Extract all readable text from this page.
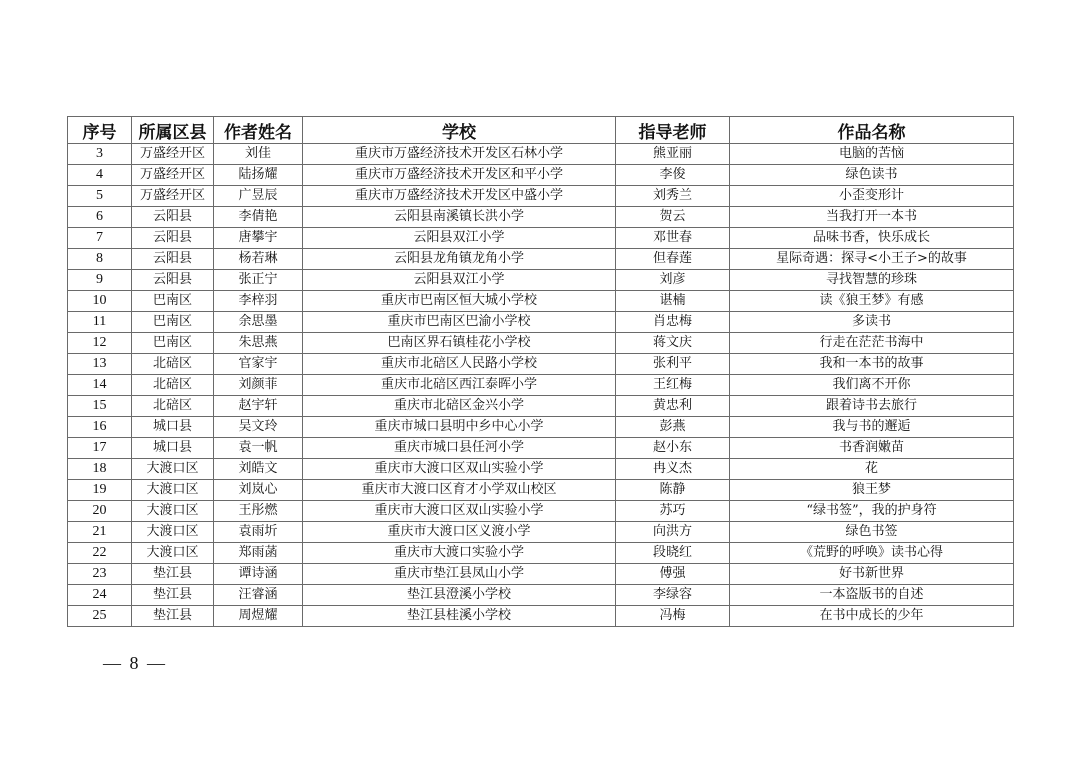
序号	所属区县	作者姓名	学校	指导老师	作品名称
3	万盛经开区	刘佳	重庆市万盛经济技术开发区石林小学	熊亚丽	电脑的苦恼
4	万盛经开区	陆扬耀	重庆市万盛经济技术开发区和平小学	李俊	绿色读书
5	万盛经开区	广昱辰	重庆市万盛经济技术开发区中盛小学	刘秀兰	小歪变形计
6	云阳县	李倩艳	云阳县南溪镇长洪小学	贺云	当我打开一本书
7	云阳县	唐攀宇	云阳县双江小学	邓世春	品味书香，快乐成长
8	云阳县	杨若琳	云阳县龙角镇龙角小学	但春莲	星际奇遇：探寻<小王子>的故事
9	云阳县	张正宁	云阳县双江小学	刘彦	寻找智慧的珍珠
10	巴南区	李梓羽	重庆市巴南区恒大城小学校	谌楠	读《狼王梦》有感
11	巴南区	余思墨	重庆市巴南区巴渝小学校	肖忠梅	多读书
12	巴南区	朱思燕	巴南区界石镇桂花小学校	蒋文庆	行走在茫茫书海中
13	北碚区	官家宇	重庆市北碚区人民路小学校	张利平	我和一本书的故事
14	北碚区	刘颜菲	重庆市北碚区西江泰晖小学	王红梅	我们离不开你
15	北碚区	赵宇轩	重庆市北碚区金兴小学	黄忠利	跟着诗书去旅行
16	城口县	吴文玲	重庆市城口县明中乡中心小学	彭燕	我与书的邂逅
17	城口县	袁一帆	重庆市城口县任河小学	赵小东	书香润嫩苗
18	大渡口区	刘皓文	重庆市大渡口区双山实验小学	冉义杰	花
19	大渡口区	刘岚心	重庆市大渡口区育才小学双山校区	陈静	狼王梦
20	大渡口区	王彤燃	重庆市大渡口区双山实验小学	苏巧	“绿书签”，我的护身符
21	大渡口区	袁雨圻	重庆市大渡口区义渡小学	向洪方	绿色书签
22	大渡口区	郑雨菡	重庆市大渡口实验小学	段晓红	《荒野的呼唤》读书心得
23	垫江县	谭诗涵	重庆市垫江县凤山小学	傅强	好书新世界
24	垫江县	汪睿涵	垫江县澄溪小学校	李绿容	一本盗版书的自述
25	垫江县	周煜耀	垫江县桂溪小学校	冯梅	在书中成长的少年
— 8 —
